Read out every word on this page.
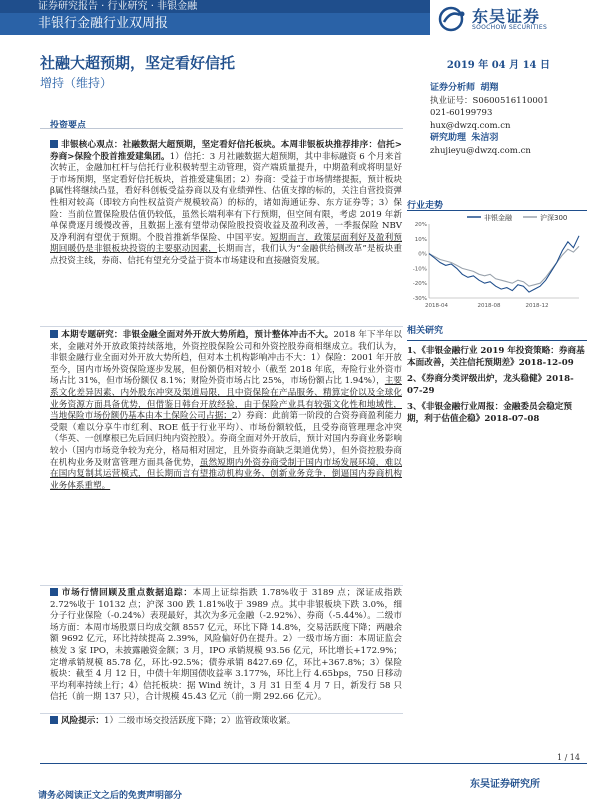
证券研究报告 · 行业研究 · 非银金融
非银行金融行业双周报	东吴证券
SOOCHOW SECURITIES
社融大超预期，坚定看好信托
增持（维持）
2019 年 04 月 14 日
证券分析师 胡翔
执业证号：S0600516110001
021-60199793
hux@dwzq.com.cn
研究助理 朱洁羽
zhujieyu@dwzq.com.cn
投资要点
非银核心观点：社融数据大超预期，坚定看好信托板块。本周非银板块推荐排序：信托>券商>保险个股首推爱建集团。1）信托：3 月社融数据大超预期，其中非标融资 6 个月来首次转正，金融加杠杆与信托行业积极转型主动管理，资产端质量提升，中期盈利或将明显好于市场预期，坚定看好信托板块，首推爱建集团；2）券商：受益于市场情绪提振，预计板块β属性将继续凸显，看好科创板受益券商以及有业绩弹性、估值支撑的标的，关注自营投资弹性相对较高（即较方向性权益资产规模较高）的标的，诸如海通证券、东方证券等；3）保险：当前位置保险股估值仍较低，虽然长端利率有下行预期，但空间有限，考虑 2019 年新单保费逐月缓慢改善，且数据上涨有望带动保险股投资收益及盈利改善，一季报保险 NBV 及净利润有望优于预期。个股首推新华保险、中国平安。短期而言，政策层面利好及盈利预期回暖仍是非银板块投资的主要驱动因素，长期而言，我们认为“金融供给侧改革”是板块重点投资主线，券商、信托有望充分受益于资本市场建设和直接融资发展。
本期专题研究：非银金融全面对外开放大势所趋，预计整体冲击不大。2018 年下半年以来，金融对外开放政策持续落地，外资控股保险公司和外资控股券商相继成立。我们认为，非银金融行业全面对外开放大势所趋，但对本土机构影响冲击不大：1）保险：2001 年开放至今，国内市场外资保险逐步发展，但份额仍相对较小（截至 2018 年底，寿险行业外资市场占比 31%，但市场份额仅 8.1%；财险外资市场占比 25%，市场份额占比 1.94%），主要系文化差异因素、内外股东冲突及渠道局限，且中资保险在产品服务、精算定价以及全球化业务资源方面具备优势，但借鉴日韩台开放经验，由于保险产业具有较强文化性和地域性，当地保险市场份额仍基本由本土保险公司占据；2）券商：此前第一阶段的合资券商盈利能力受限（难以分享牛市红利、ROE 低于行业平均）、市场份额较低，且受券商管理理念冲突（华英、一创摩根已先后回归纯内资控股）。券商全面对外开放后，预计对国内券商业务影响较小（国内市场竞争较为充分，格局相对固定，且外资券商缺乏渠道优势），但外资控股券商在机构业务及财富管理方面具备优势，虽然短期内外资券商受制于国内市场发展环境，难以在国内复制其运营模式，但长期而言有望推动机构业务、创新业务竞争，倒逼国内券商机构业务体系重塑。
市场行情回顾及重点数据追踪：本周上证综指跌 1.78%收于 3189 点；深证成指跌 2.72%收于 10132 点；沪深 300 跌 1.81%收于 3989 点。其中非银板块下跌 3.0%，细分子行业保险（-0.24%）表现最好，其次为多元金融（-2.92%）、券商（-5.44%）。二级市场方面：本周市场股票日均成交额 8557 亿元，环比下降 14.8%，交易活跃度下降；两融余额 9692 亿元，环比持续提高 2.39%，风险偏好仍在提升。2）一级市场方面：本周证监会核发 3 家 IPO，未披露融资金额；3 月，IPO 承销规模 93.56 亿元，环比增长+172.9%；定增承销规模 85.78 亿，环比-92.5%；债券承销 8427.69 亿，环比+367.8%；3）保险板块：截至 4 月 12 日，中债十年期国债收益率 3.177%，环比上行 4.65bps，750 日移动平均利率持续上行；4）信托板块：据 Wind 统计，3 月 31 日至 4 月 7 日，新发行 58 只信托（前一期 137 只），合计规模 45.43 亿元（前一期 292.66 亿元）。
风险提示：1）二级市场交投活跃度下降；2）监管政策收紧。
行业走势
非银金融	沪深300
20%
10%
0%
-10%
-20%
-30%
2018-04	2018-08	2018-12
相关研究
1、《非银金融行业 2019 年投资策略：券商基本面改善，关注信托预期差》2018-12-09
2、《券商分类评级出炉，龙头稳健》2018-07-29
3、《非银金融行业周报：金融委员会稳定预期，利于估值企稳》2018-07-08
1 / 14
东吴证券研究所
请务必阅读正文之后的免责声明部分
